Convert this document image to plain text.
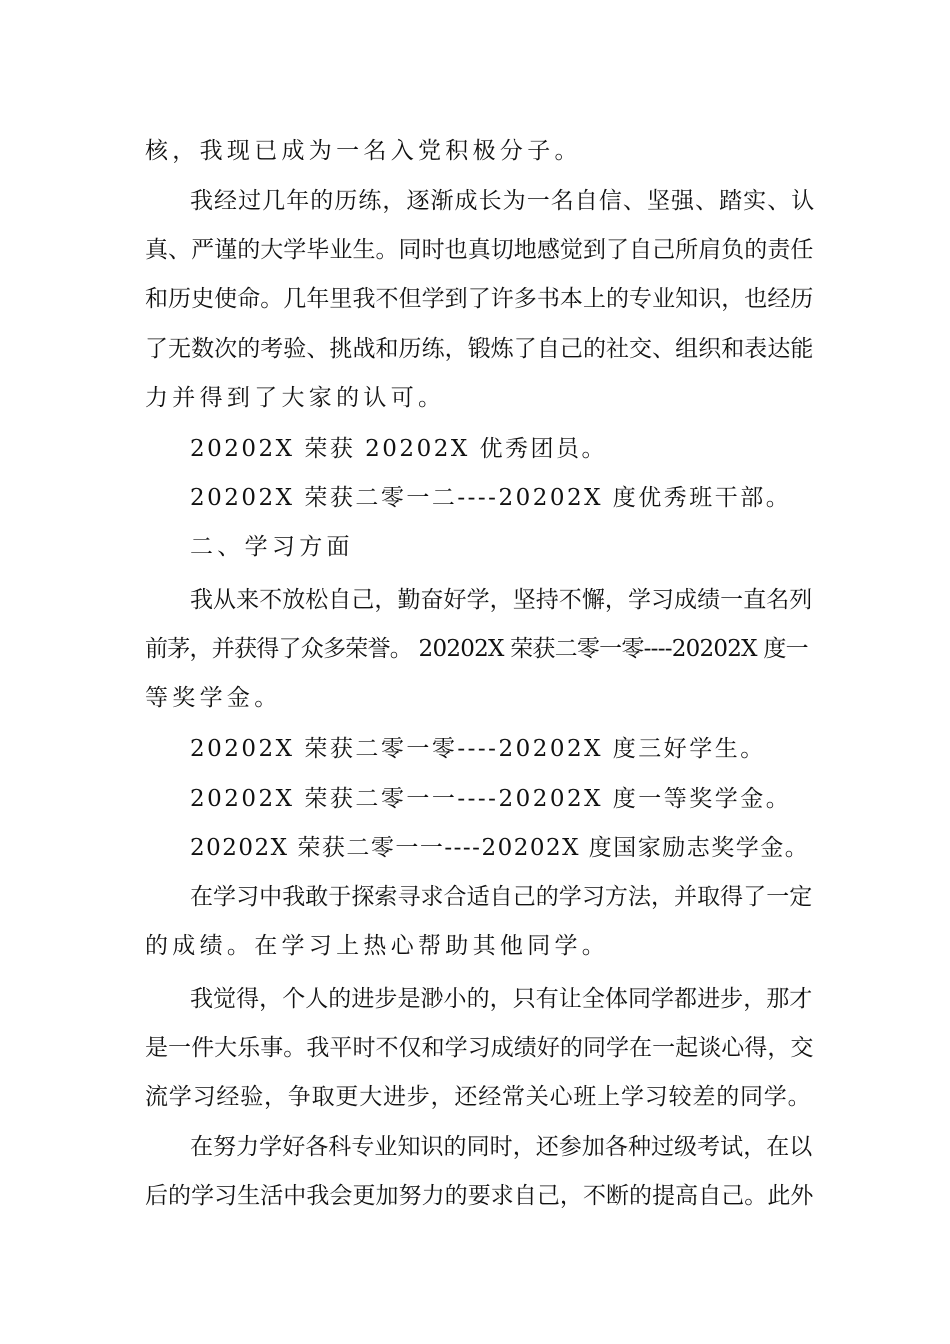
核，我现已成为一名入党积极分子。
我经过几年的历练，逐渐成长为一名自信、坚强、踏实、认
真、严谨的大学毕业生。同时也真切地感觉到了自己所肩负的责任
和历史使命。几年里我不但学到了许多书本上的专业知识，也经历
了无数次的考验、挑战和历练，锻炼了自己的社交、组织和表达能
力并得到了大家的认可。
20202X 荣获 20202X 优秀团员。
20202X 荣获二零一二----20202X 度优秀班干部。
二、学习方面
我从来不放松自己，勤奋好学，坚持不懈，学习成绩一直名列
前茅，并获得了众多荣誉。 20202X 荣获二零一零----20202X 度一
等奖学金。
20202X 荣获二零一零----20202X 度三好学生。
20202X 荣获二零一一----20202X 度一等奖学金。
20202X 荣获二零一一----20202X 度国家励志奖学金。
在学习中我敢于探索寻求合适自己的学习方法，并取得了一定
的成绩。在学习上热心帮助其他同学。
我觉得，个人的进步是渺小的，只有让全体同学都进步，那才
是一件大乐事。我平时不仅和学习成绩好的同学在一起谈心得，交
流学习经验，争取更大进步，还经常关心班上学习较差的同学。
在努力学好各科专业知识的同时，还参加各种过级考试，在以
后的学习生活中我会更加努力的要求自己，不断的提高自己。此外
